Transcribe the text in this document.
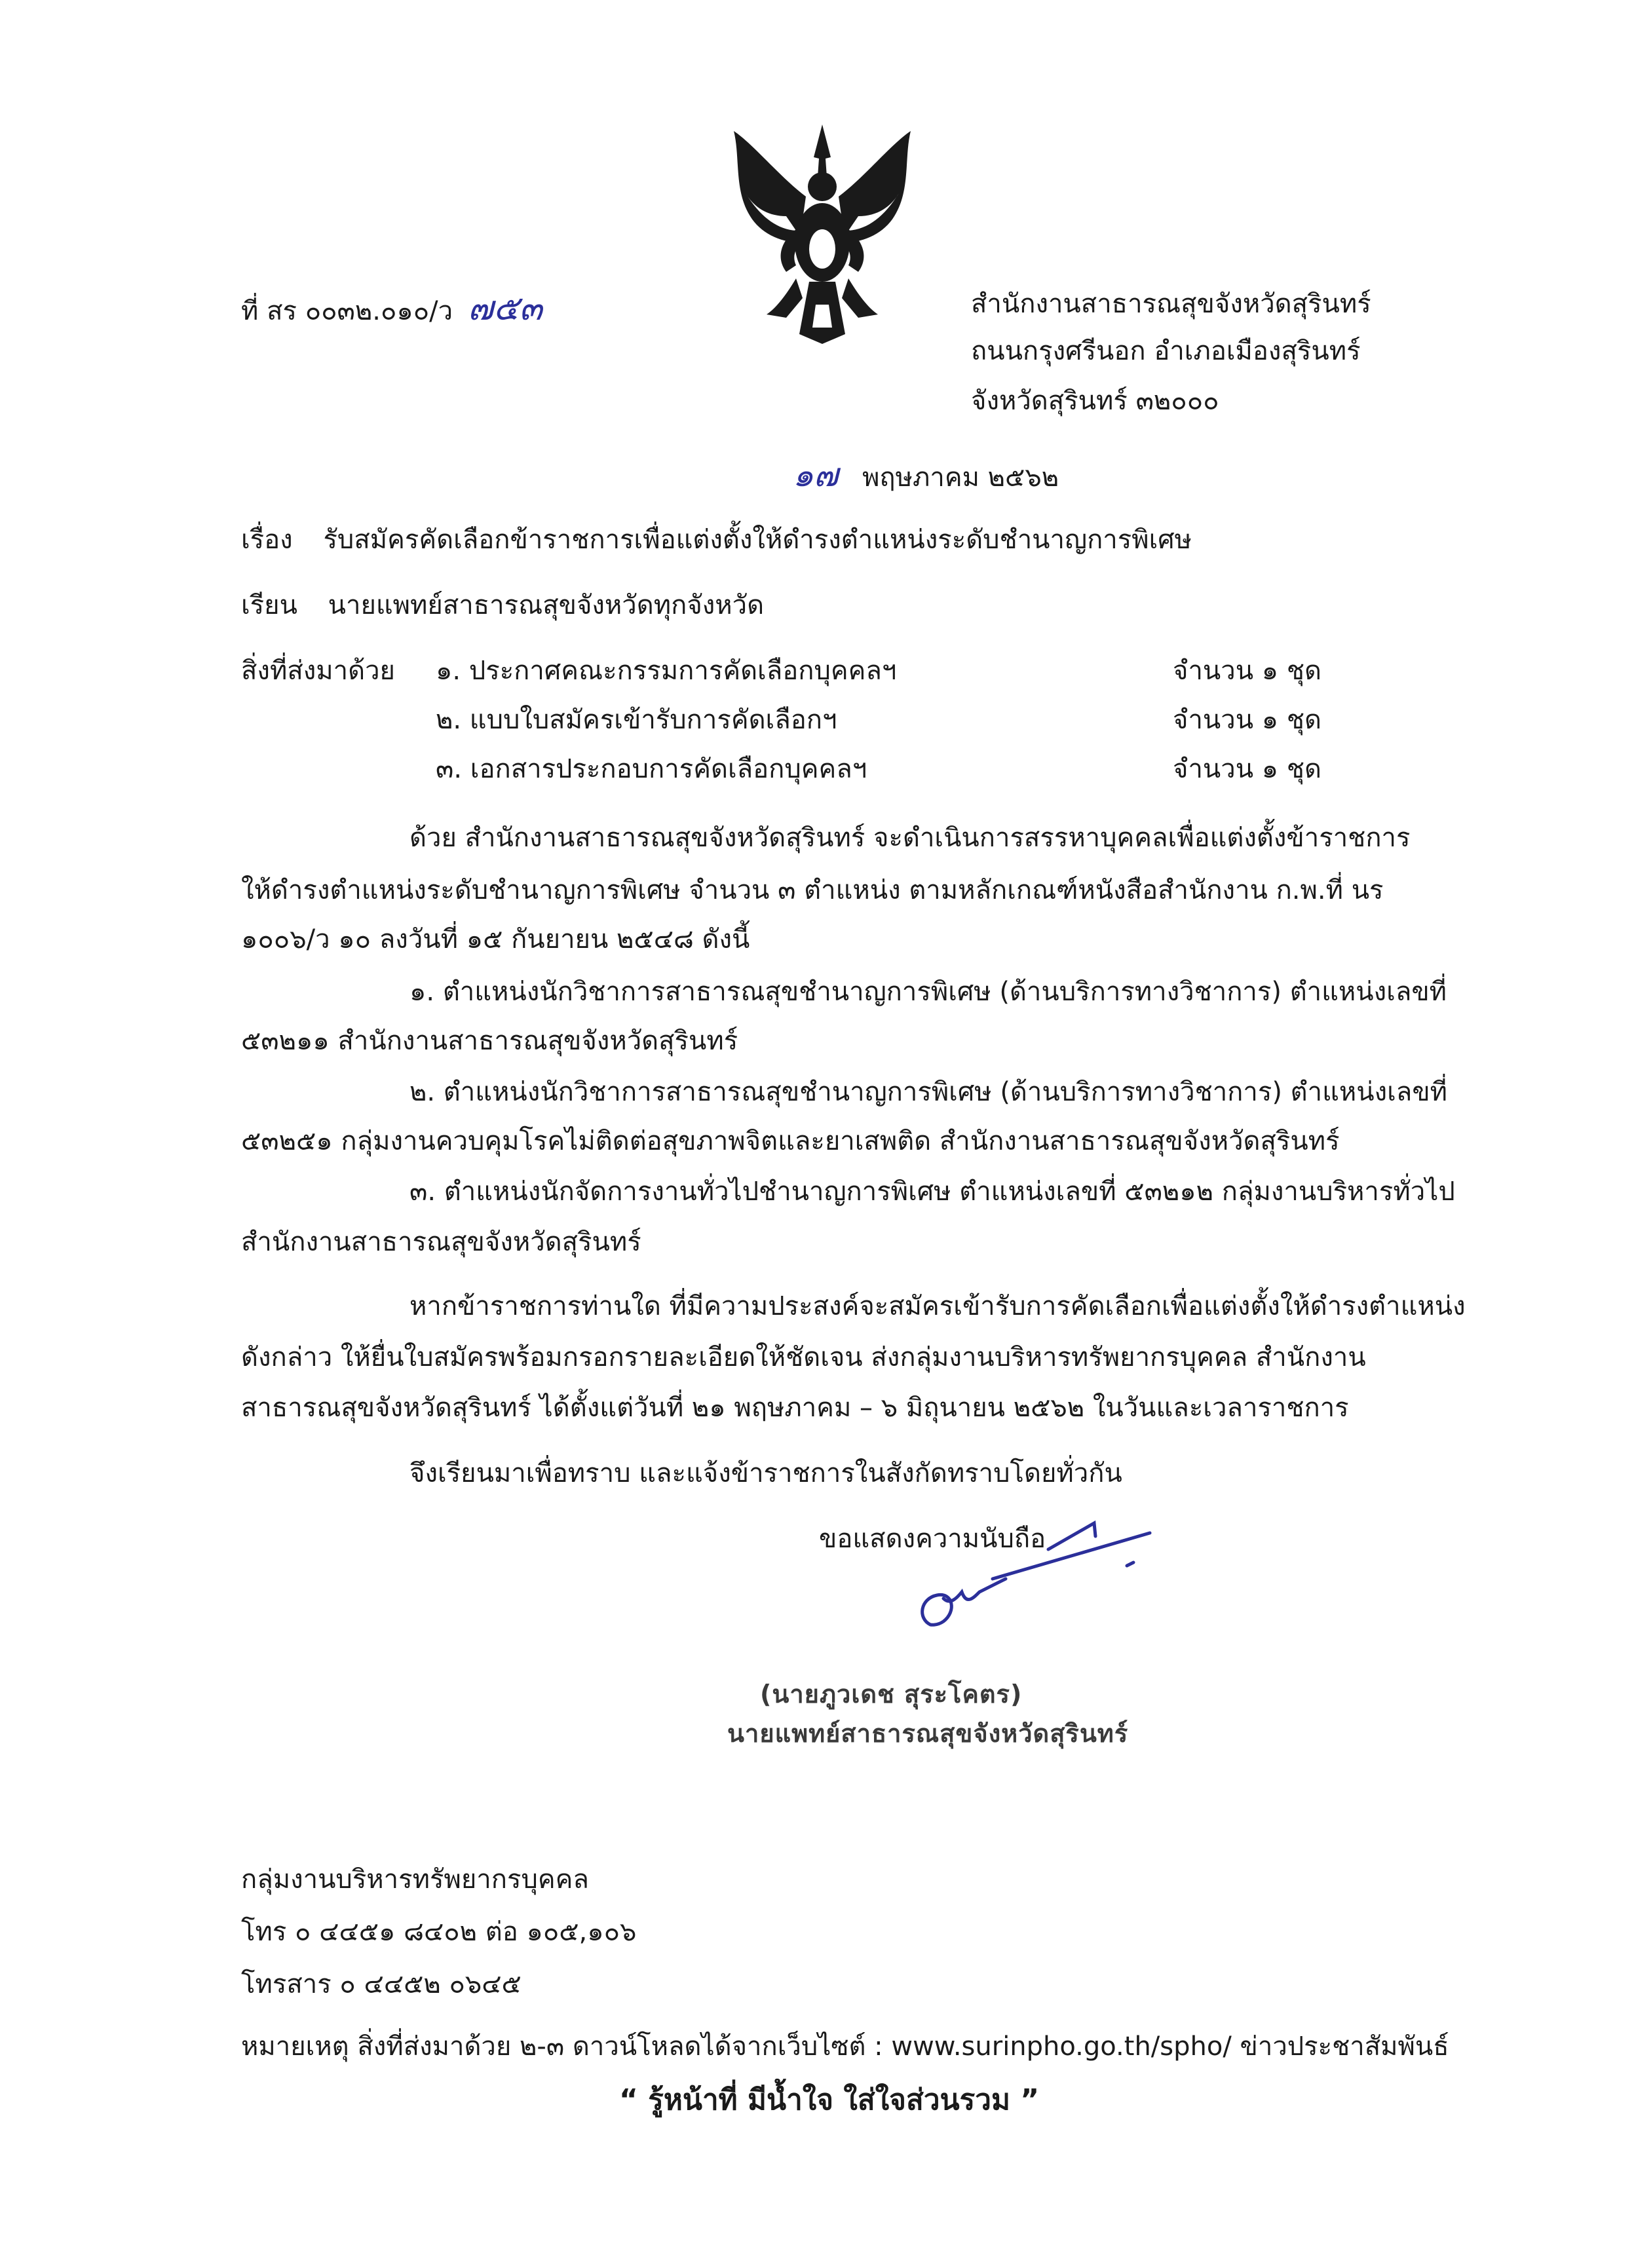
ที่ สร ๐๐๓๒.๐๑๐/ว ๗๕๓	สำนักงานสาธารณสุขจังหวัดสุรินทร์
ถนนกรุงศรีนอก อำเภอเมืองสุรินทร์
จังหวัดสุรินทร์ ๓๒๐๐๐
๑๗ พฤษภาคม ๒๕๖๒
เรื่อง รับสมัครคัดเลือกข้าราชการเพื่อแต่งตั้งให้ดำรงตำแหน่งระดับชำนาญการพิเศษ
เรียน นายแพทย์สาธารณสุขจังหวัดทุกจังหวัด
สิ่งที่ส่งมาด้วย ๑. ประกาศคณะกรรมการคัดเลือกบุคคลฯ	จำนวน ๑ ชุด
๒. แบบใบสมัครเข้ารับการคัดเลือกฯ	จำนวน ๑ ชุด
๓. เอกสารประกอบการคัดเลือกบุคคลฯ	จำนวน ๑ ชุด
ด้วย สำนักงานสาธารณสุขจังหวัดสุรินทร์ จะดำเนินการสรรหาบุคคลเพื่อแต่งตั้งข้าราชการ
ให้ดำรงตำแหน่งระดับชำนาญการพิเศษ จำนวน ๓ ตำแหน่ง ตามหลักเกณฑ์หนังสือสำนักงาน ก.พ.ที่ นร
๑๐๐๖/ว ๑๐ ลงวันที่ ๑๕ กันยายน ๒๕๔๘ ดังนี้
๑. ตำแหน่งนักวิชาการสาธารณสุขชำนาญการพิเศษ (ด้านบริการทางวิชาการ) ตำแหน่งเลขที่
๕๓๒๑๑ สำนักงานสาธารณสุขจังหวัดสุรินทร์
๒. ตำแหน่งนักวิชาการสาธารณสุขชำนาญการพิเศษ (ด้านบริการทางวิชาการ) ตำแหน่งเลขที่
๕๓๒๕๑ กลุ่มงานควบคุมโรคไม่ติดต่อสุขภาพจิตและยาเสพติด สำนักงานสาธารณสุขจังหวัดสุรินทร์
๓. ตำแหน่งนักจัดการงานทั่วไปชำนาญการพิเศษ ตำแหน่งเลขที่ ๕๓๒๑๒ กลุ่มงานบริหารทั่วไป
สำนักงานสาธารณสุขจังหวัดสุรินทร์
หากข้าราชการท่านใด ที่มีความประสงค์จะสมัครเข้ารับการคัดเลือกเพื่อแต่งตั้งให้ดำรงตำแหน่ง
ดังกล่าว ให้ยื่นใบสมัครพร้อมกรอกรายละเอียดให้ชัดเจน ส่งกลุ่มงานบริหารทรัพยากรบุคคล สำนักงาน
สาธารณสุขจังหวัดสุรินทร์ ได้ตั้งแต่วันที่ ๒๑ พฤษภาคม – ๖ มิถุนายน ๒๕๖๒ ในวันและเวลาราชการ
จึงเรียนมาเพื่อทราบ และแจ้งข้าราชการในสังกัดทราบโดยทั่วกัน
ขอแสดงความนับถือ
(นายภูวเดช สุระโคตร)
นายแพทย์สาธารณสุขจังหวัดสุรินทร์
กลุ่มงานบริหารทรัพยากรบุคคล
โทร ๐ ๔๔๕๑ ๘๔๐๒ ต่อ ๑๐๕,๑๐๖
โทรสาร ๐ ๔๔๕๒ ๐๖๔๕
หมายเหตุ สิ่งที่ส่งมาด้วย ๒-๓ ดาวน์โหลดได้จากเว็บไซต์ : www.surinpho.go.th/spho/ ข่าวประชาสัมพันธ์
“ รู้หน้าที่ มีน้ำใจ ใส่ใจส่วนรวม ”
